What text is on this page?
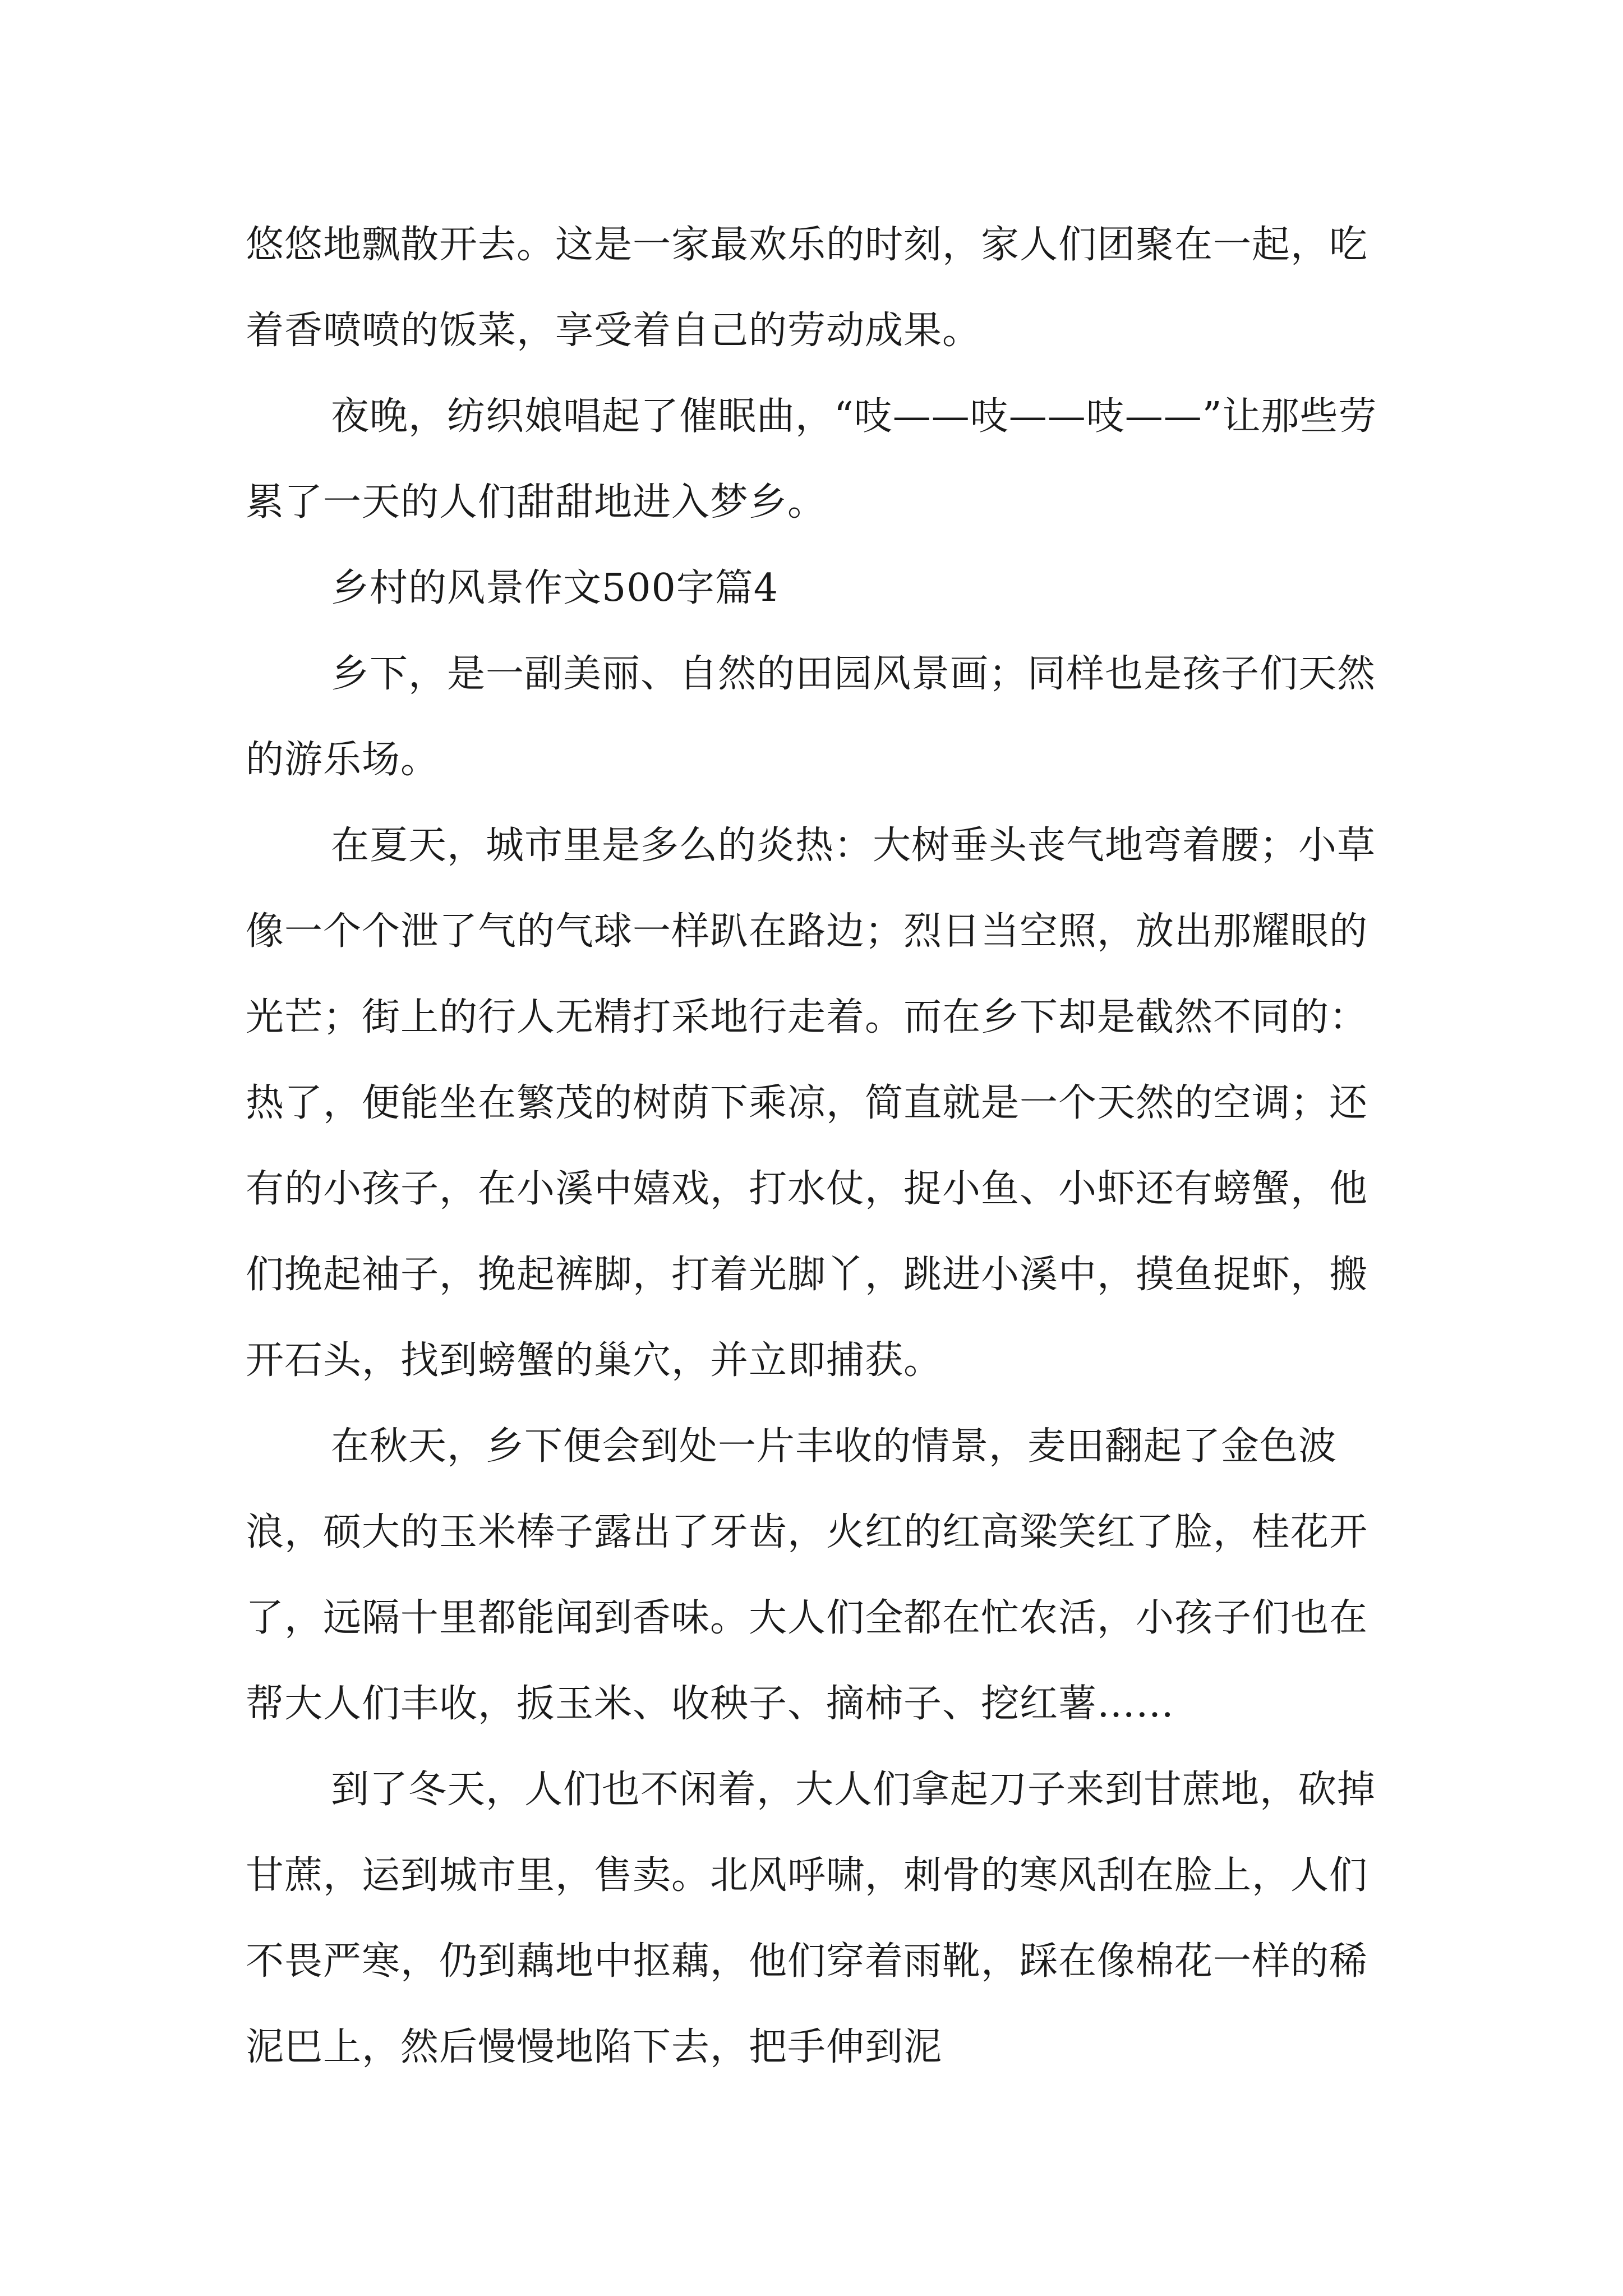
悠悠地飘散开去。这是一家最欢乐的时刻，家人们团聚在一起，吃着香喷喷的饭菜，享受着自己的劳动成果。

夜晚，纺织娘唱起了催眠曲，“吱——吱——吱——”让那些劳累了一天的人们甜甜地进入梦乡。

乡村的风景作文500字篇4

乡下，是一副美丽、自然的田园风景画；同样也是孩子们天然的游乐场。

在夏天，城市里是多么的炎热：大树垂头丧气地弯着腰；小草像一个个泄了气的气球一样趴在路边；烈日当空照，放出那耀眼的光芒；街上的行人无精打采地行走着。而在乡下却是截然不同的：热了，便能坐在繁茂的树荫下乘凉，简直就是一个天然的空调；还有的小孩子，在小溪中嬉戏，打水仗，捉小鱼、小虾还有螃蟹，他们挽起袖子，挽起裤脚，打着光脚丫，跳进小溪中，摸鱼捉虾，搬开石头，找到螃蟹的巢穴，并立即捕获。

在秋天，乡下便会到处一片丰收的情景，麦田翻起了金色波浪，硕大的玉米棒子露出了牙齿，火红的红高粱笑红了脸，桂花开了，远隔十里都能闻到香味。大人们全都在忙农活，小孩子们也在帮大人们丰收，扳玉米、收秧子、摘柿子、挖红薯……

到了冬天，人们也不闲着，大人们拿起刀子来到甘蔗地，砍掉甘蔗，运到城市里，售卖。北风呼啸，刺骨的寒风刮在脸上，人们不畏严寒，仍到藕地中抠藕，他们穿着雨靴，踩在像棉花一样的稀泥巴上，然后慢慢地陷下去，把手伸到泥
